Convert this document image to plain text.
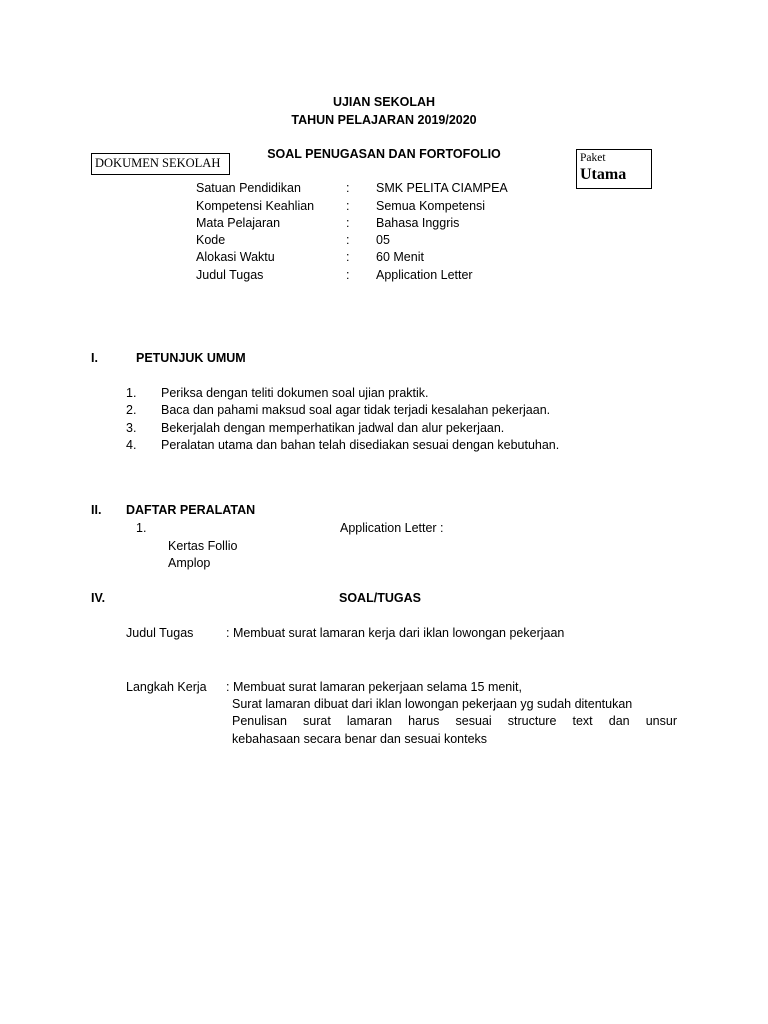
UJIAN SEKOLAH
TAHUN PELAJARAN 2019/2020
SOAL PENUGASAN DAN FORTOFOLIO
DOKUMEN SEKOLAH	Paket
Utama
Satuan Pendidikan	: SMK PELITA CIAMPEA
Kompetensi Keahlian	: Semua Kompetensi
Mata Pelajaran	: Bahasa Inggris
Kode	: 05
Alokasi Waktu	: 60 Menit
Judul Tugas	: Application Letter
I.	PETUNJUK UMUM
1. Periksa dengan teliti dokumen soal ujian praktik.
2. Baca dan pahami maksud soal agar tidak terjadi kesalahan pekerjaan.
3. Bekerjalah dengan memperhatikan jadwal dan alur pekerjaan.
4. Peralatan utama dan bahan telah disediakan sesuai dengan kebutuhan.
II. DAFTAR PERALATAN
1.	Application Letter :
Kertas Follio
Amplop
IV.	SOAL/TUGAS
Judul Tugas	: Membuat surat lamaran kerja dari iklan lowongan pekerjaan
Langkah Kerja : Membuat surat lamaran pekerjaan selama 15 menit,
Surat lamaran dibuat dari iklan lowongan pekerjaan yg sudah ditentukan
Penulisan surat lamaran harus sesuai structure text dan unsur
kebahasaan secara benar dan sesuai konteks
